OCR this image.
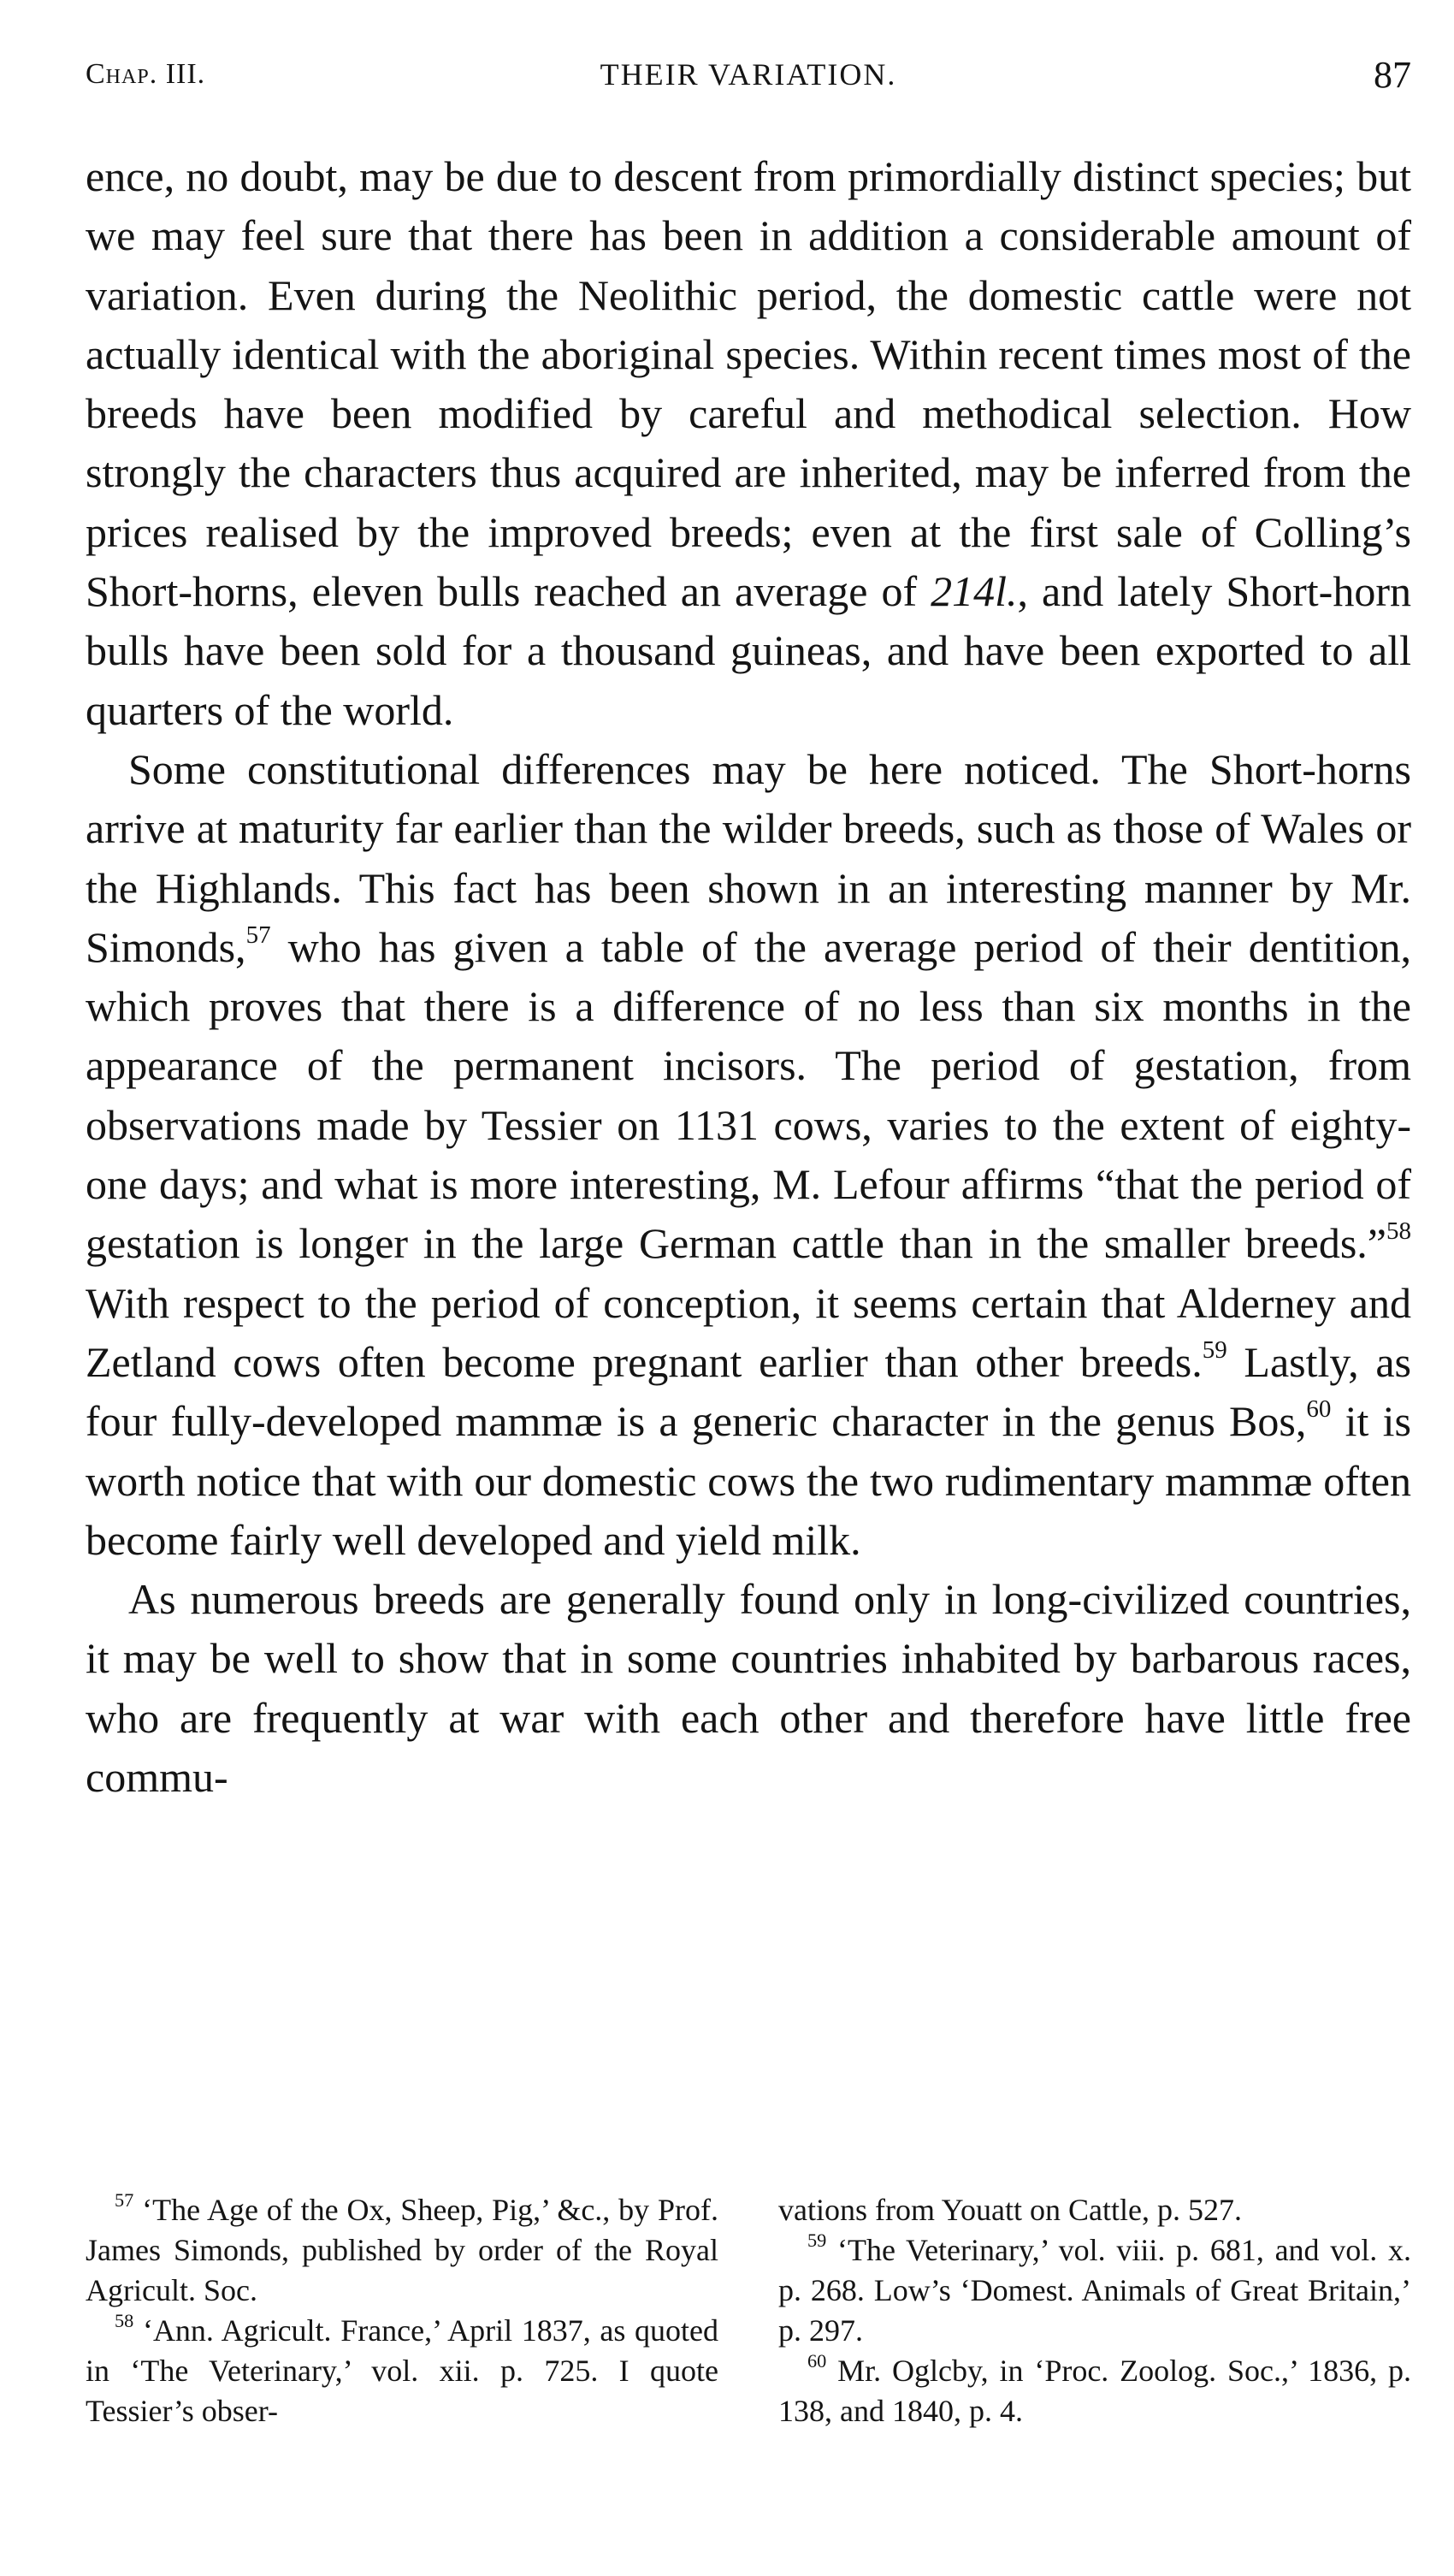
Chap. III.	THEIR VARIATION.	87

ence, no doubt, may be due to descent from primordially distinct species; but we may feel sure that there has been in addition a considerable amount of variation. Even during the Neolithic period, the domestic cattle were not actually identical with the aboriginal species. Within recent times most of the breeds have been modified by careful and methodical selection. How strongly the characters thus acquired are inherited, may be inferred from the prices realised by the improved breeds; even at the first sale of Colling’s Short-horns, eleven bulls reached an average of 214l., and lately Short-horn bulls have been sold for a thousand guineas, and have been exported to all quarters of the world.

Some constitutional differences may be here noticed. The Short-horns arrive at maturity far earlier than the wilder breeds, such as those of Wales or the Highlands. This fact has been shown in an interesting manner by Mr. Simonds,$^{57}$ who has given a table of the average period of their dentition, which proves that there is a difference of no less than six months in the appearance of the permanent incisors. The period of gestation, from observations made by Tessier on 1131 cows, varies to the extent of eighty-one days; and what is more interesting, M. Lefour affirms “that the period of gestation is longer in the large German cattle than in the smaller breeds.”$^{58}$ With respect to the period of conception, it seems certain that Alderney and Zetland cows often become pregnant earlier than other breeds.$^{59}$ Lastly, as four fully-developed mammæ is a generic character in the genus Bos,$^{60}$ it is worth notice that with our domestic cows the two rudimentary mammæ often become fairly well developed and yield milk.

As numerous breeds are generally found only in long-civilized countries, it may be well to show that in some countries inhabited by barbarous races, who are frequently at war with each other and therefore have little free commu-

$^{57}$ ‘The Age of the Ox, Sheep, Pig,’ &c., by Prof. James Simonds, published by order of the Royal Agricult. Soc.

$^{58}$ ‘Ann. Agricult. France,’ April 1837, as quoted in ‘The Veterinary,’ vol. xii. p. 725. I quote Tessier’s obser-

vations from Youatt on Cattle, p. 527.

$^{59}$ ‘The Veterinary,’ vol. viii. p. 681, and vol. x. p. 268. Low’s ‘Domest. Animals of Great Britain,’ p. 297.

$^{60}$ Mr. Oglcby, in ‘Proc. Zoolog. Soc.,’ 1836, p. 138, and 1840, p. 4.
